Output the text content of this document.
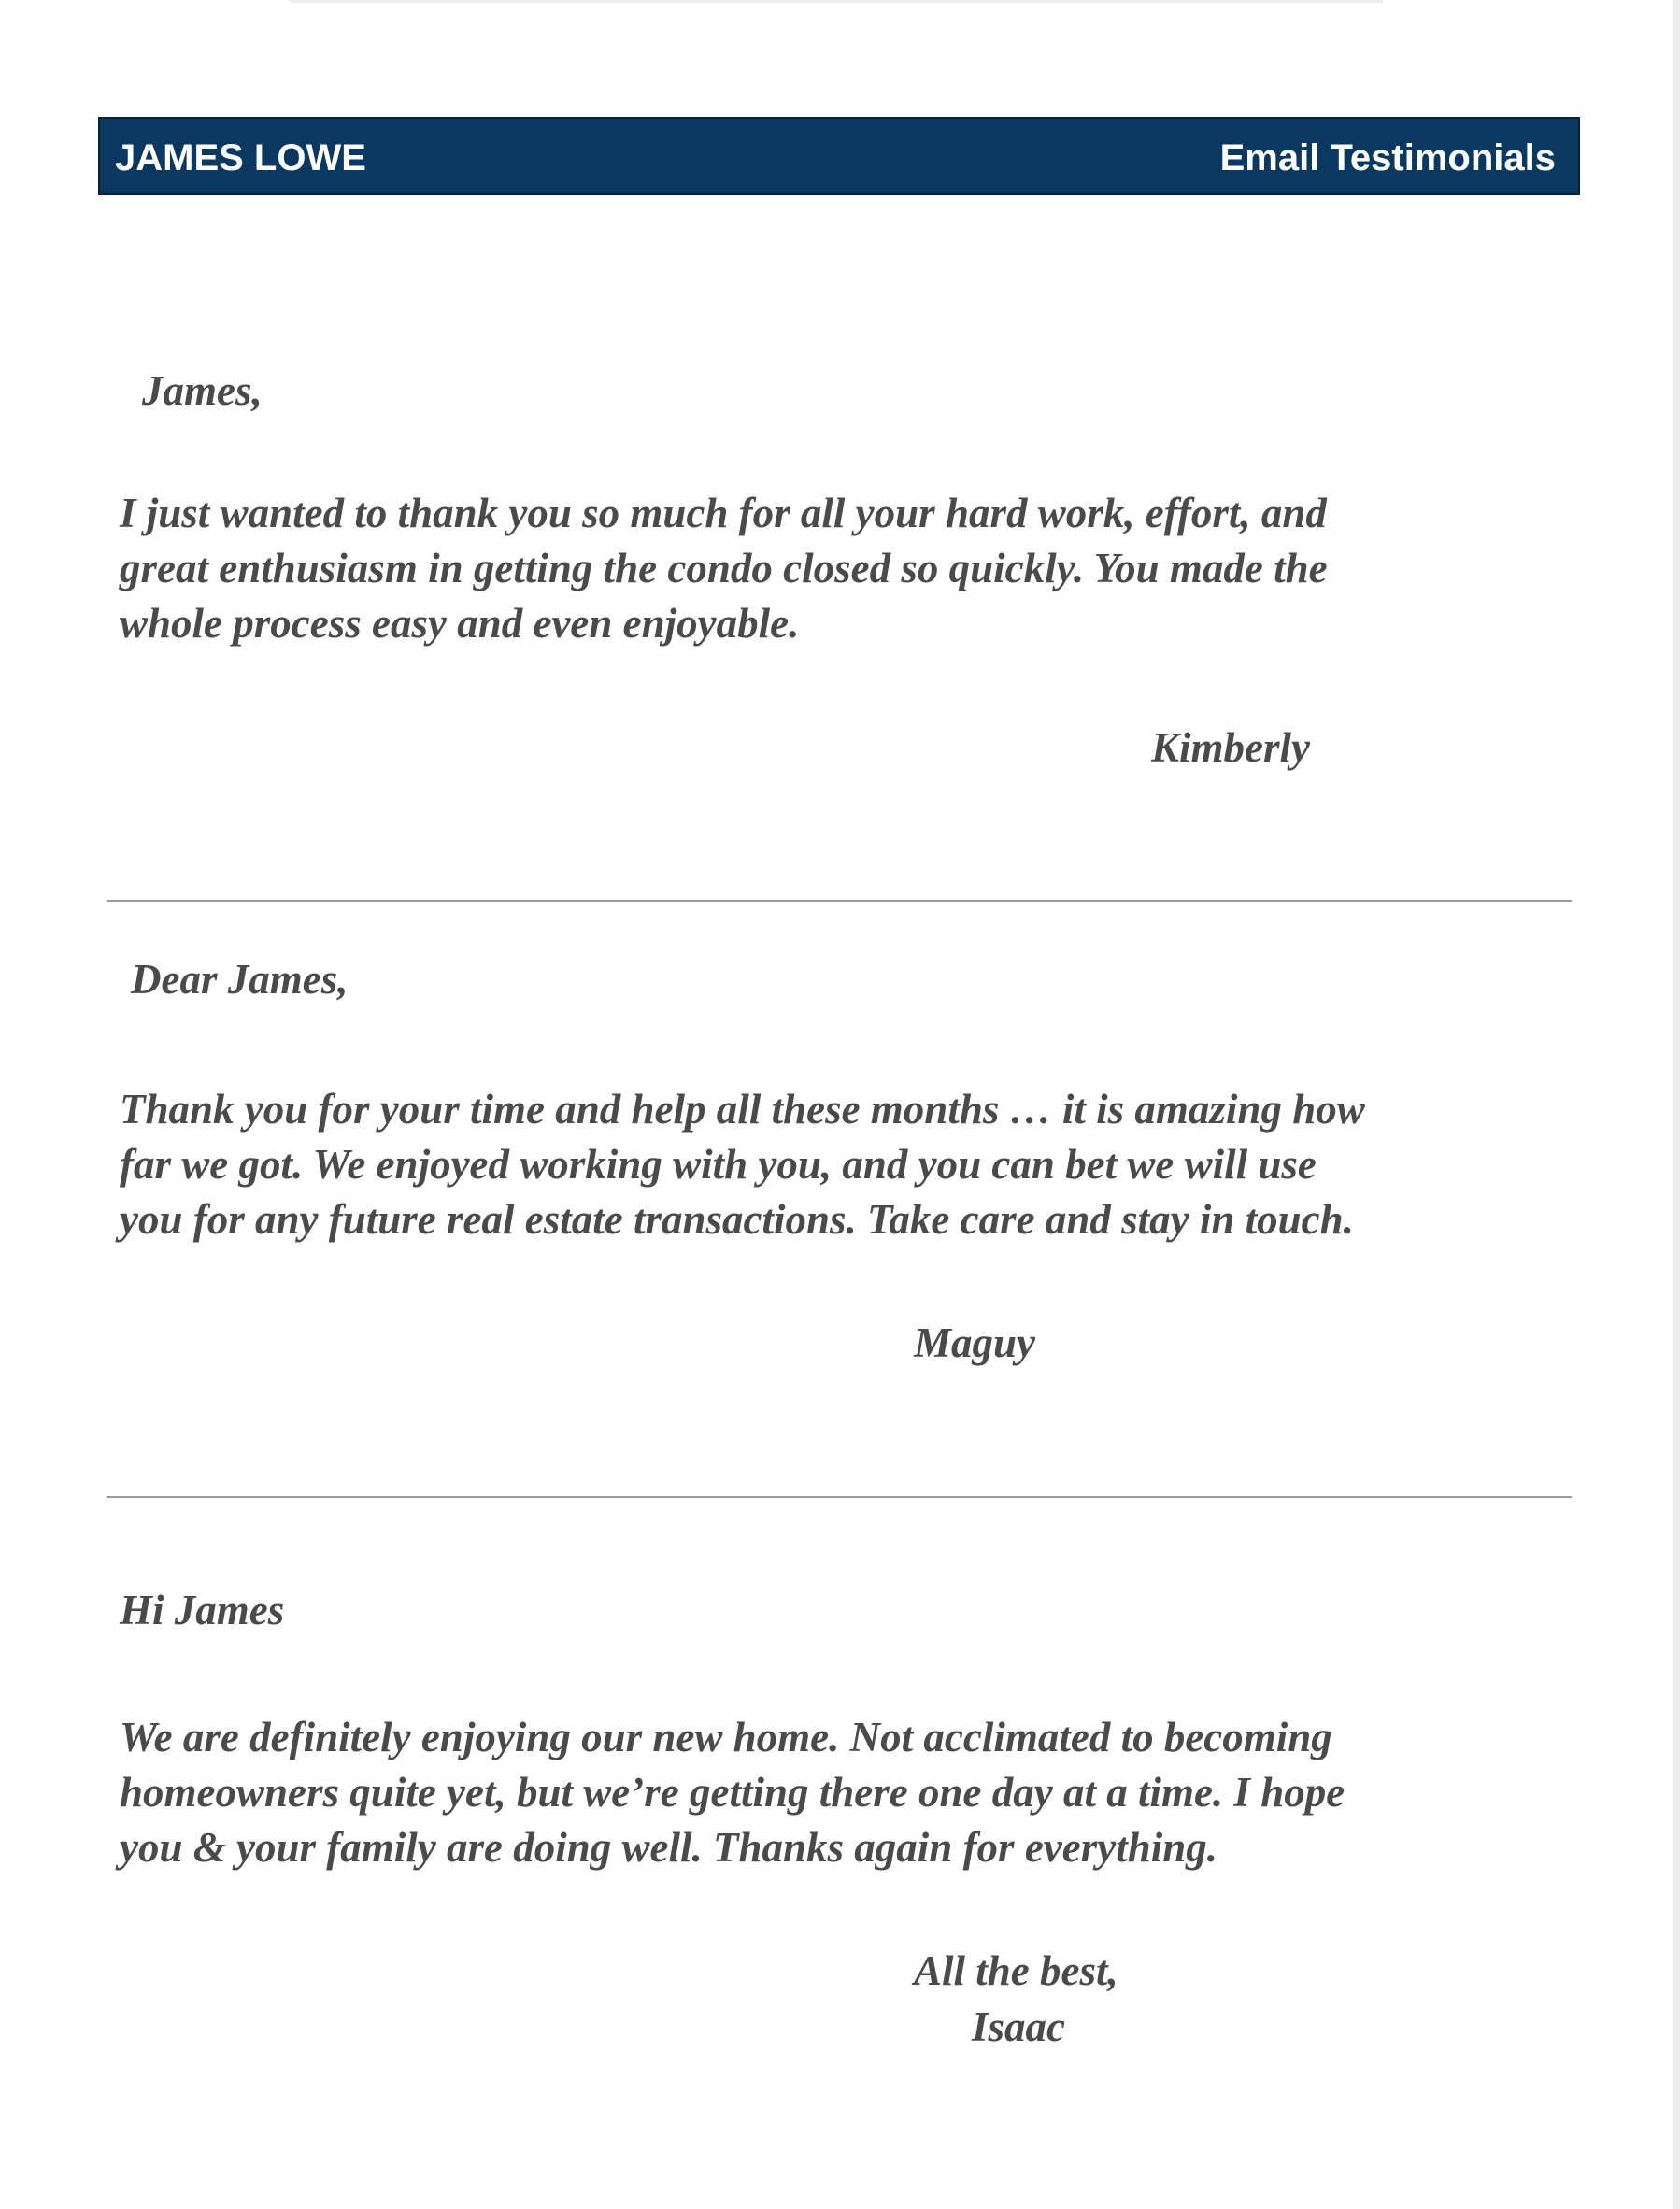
JAMES LOWE	Email Testimonials
James,
I just wanted to thank you so much for all your hard work, effort, and
great enthusiasm in getting the condo closed so quickly. You made the
whole process easy and even enjoyable.
Kimberly
Dear James,
Thank you for your time and help all these months … it is amazing how
far we got. We enjoyed working with you, and you can bet we will use
you for any future real estate transactions. Take care and stay in touch.
Maguy
Hi James
We are definitely enjoying our new home. Not acclimated to becoming
homeowners quite yet, but we’re getting there one day at a time. I hope
you & your family are doing well. Thanks again for everything.
All the best,
Isaac
